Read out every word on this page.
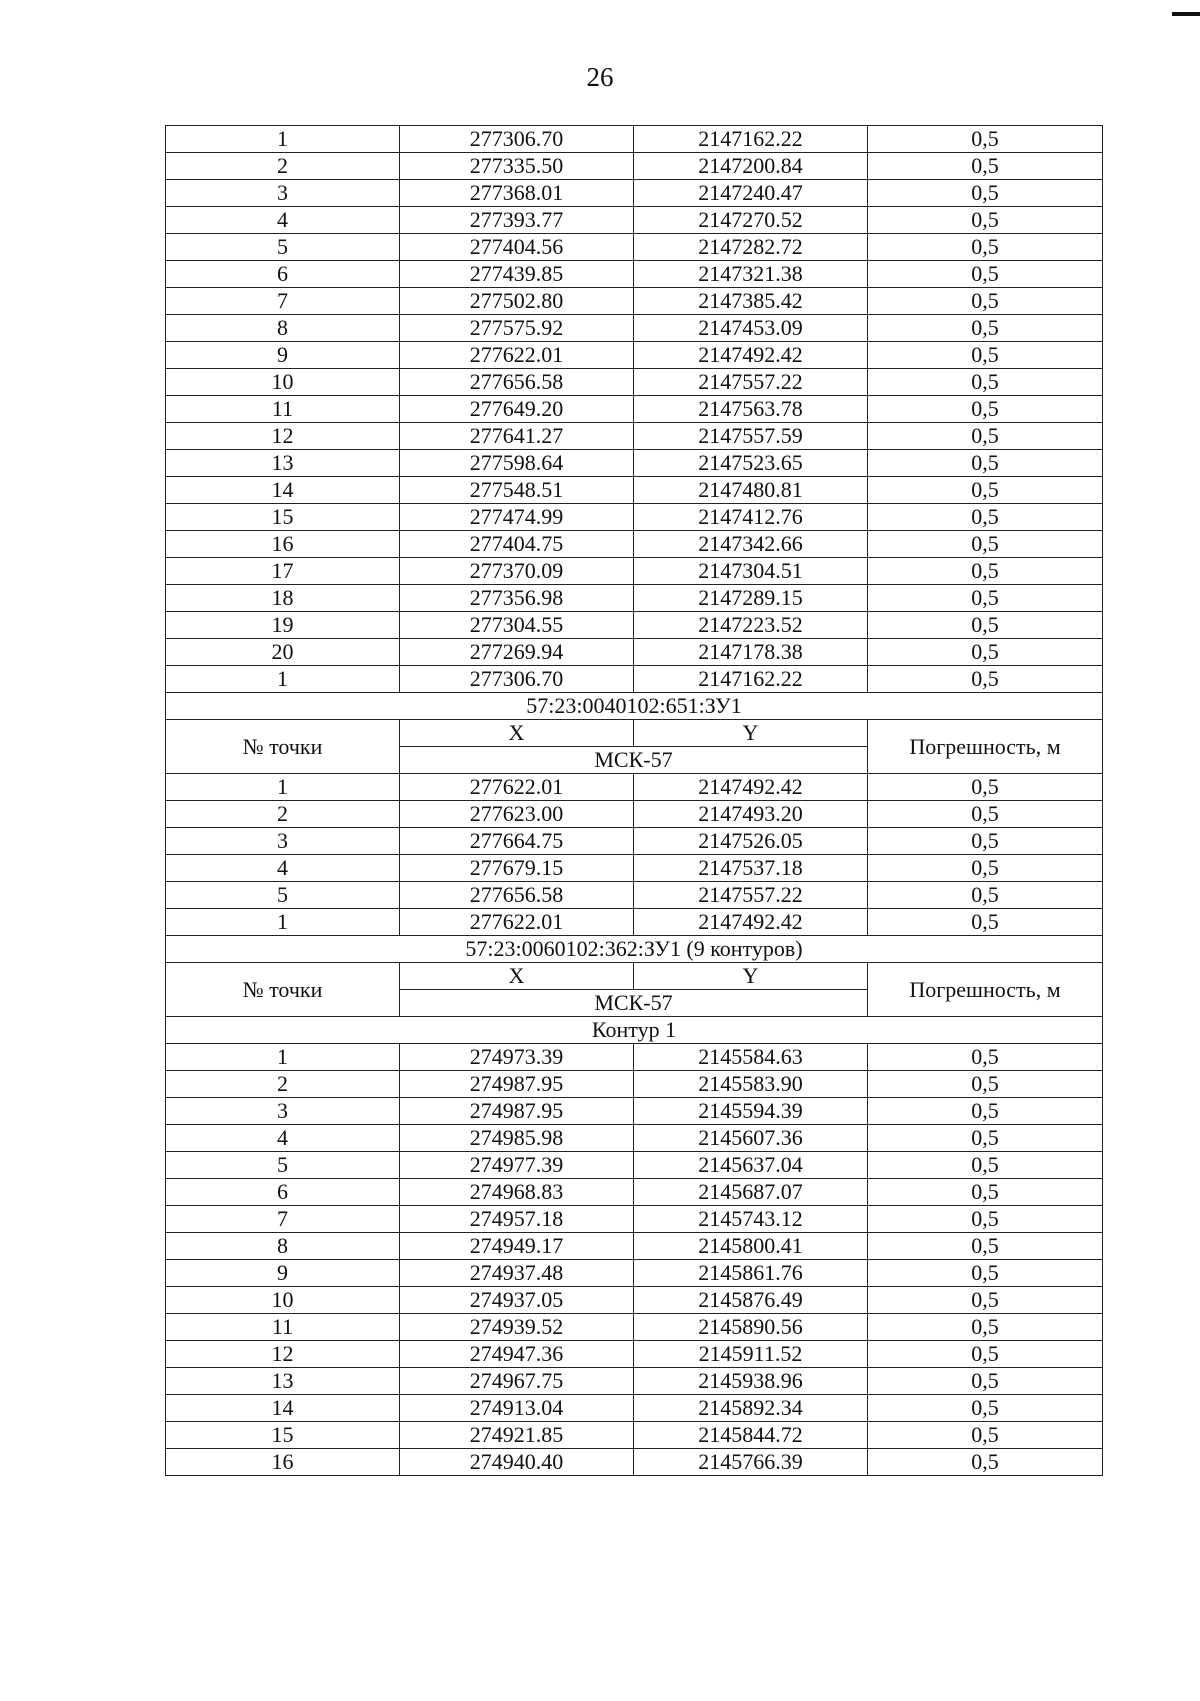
26
1	277306.70	2147162.22	0,5
2	277335.50	2147200.84	0,5
3	277368.01	2147240.47	0,5
4	277393.77	2147270.52	0,5
5	277404.56	2147282.72	0,5
6	277439.85	2147321.38	0,5
7	277502.80	2147385.42	0,5
8	277575.92	2147453.09	0,5
9	277622.01	2147492.42	0,5
10	277656.58	2147557.22	0,5
11	277649.20	2147563.78	0,5
12	277641.27	2147557.59	0,5
13	277598.64	2147523.65	0,5
14	277548.51	2147480.81	0,5
15	277474.99	2147412.76	0,5
16	277404.75	2147342.66	0,5
17	277370.09	2147304.51	0,5
18	277356.98	2147289.15	0,5
19	277304.55	2147223.52	0,5
20	277269.94	2147178.38	0,5
1	277306.70	2147162.22	0,5
57:23:0040102:651:ЗУ1			
№ точки	X	Y	Погрешность, м
	МСК-57		
1	277622.01	2147492.42	0,5
2	277623.00	2147493.20	0,5
3	277664.75	2147526.05	0,5
4	277679.15	2147537.18	0,5
5	277656.58	2147557.22	0,5
1	277622.01	2147492.42	0,5
57:23:0060102:362:ЗУ1 (9 контуров)			
№ точки	X	Y	Погрешность, м
	МСК-57		
Контур 1			
1	274973.39	2145584.63	0,5
2	274987.95	2145583.90	0,5
3	274987.95	2145594.39	0,5
4	274985.98	2145607.36	0,5
5	274977.39	2145637.04	0,5
6	274968.83	2145687.07	0,5
7	274957.18	2145743.12	0,5
8	274949.17	2145800.41	0,5
9	274937.48	2145861.76	0,5
10	274937.05	2145876.49	0,5
11	274939.52	2145890.56	0,5
12	274947.36	2145911.52	0,5
13	274967.75	2145938.96	0,5
14	274913.04	2145892.34	0,5
15	274921.85	2145844.72	0,5
16	274940.40	2145766.39	0,5
